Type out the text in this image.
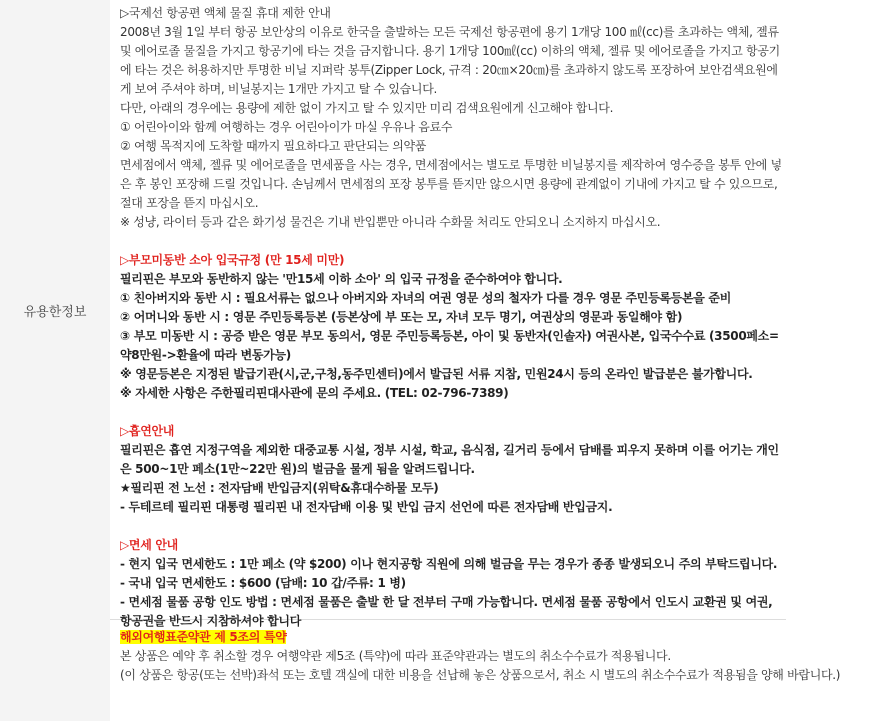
유용한정보
▷국제선 항공편 액체 물질 휴대 제한 안내
2008년 3월 1일 부터 항공 보안상의 이유로 한국을 출발하는 모든 국제선 항공편에 용기 1개당 100 ㎖(cc)를 초과하는 액체, 젤류 및 에어로졸 물질을 가지고 항공기에 타는 것을 금지합니다. 용기 1개당 100㎖(cc) 이하의 액체, 젤류 및 에어로졸을 가지고 항공기에 타는 것은 허용하지만 투명한 비닐 지퍼락 봉투(Zipper Lock, 규격 : 20㎝×20㎝)를 초과하지 않도록 포장하여 보안검색요원에게 보여 주셔야 하며, 비닐봉지는 1개만 가지고 탈 수 있습니다.
다만, 아래의 경우에는 용량에 제한 없이 가지고 탈 수 있지만 미리 검색요원에게 신고해야 합니다.
① 어린아이와 함께 여행하는 경우 어린아이가 마실 우유나 음료수
② 여행 목적지에 도착할 때까지 필요하다고 판단되는 의약품
면세점에서 액체, 젤류 및 에어로졸을 면세품을 사는 경우, 면세점에서는 별도로 투명한 비닐봉지를 제작하여 영수증을 봉투 안에 넣은 후 봉인 포장해 드릴 것입니다. 손님께서 면세점의 포장 봉투를 뜯지만 않으시면 용량에 관계없이 기내에 가지고 탈 수 있으므로, 절대 포장을 뜯지 마십시오.
※ 성냥, 라이터 등과 같은 화기성 물건은 기내 반입뿐만 아니라 수화물 처리도 안되오니 소지하지 마십시오.
▷부모미동반 소아 입국규정 (만 15세 미만)
필리핀은 부모와 동반하지 않는 '만15세 이하 소아' 의 입국 규정을 준수하여야 합니다.
① 친아버지와 동반 시 : 필요서류는 없으나 아버지와 자녀의 여권 영문 성의 철자가 다를 경우 영문 주민등록등본을 준비
② 어머니와 동반 시 : 영문 주민등록등본 (등본상에 부 또는 모, 자녀 모두 명기, 여권상의 영문과 동일해야 함)
③ 부모 미동반 시 : 공증 받은 영문 부모 동의서, 영문 주민등록등본, 아이 및 동반자(인솔자) 여권사본, 입국수수료 (3500페소=약8만원->환율에 따라 변동가능)
※ 영문등본은 지정된 발급기관(시,군,구청,동주민센터)에서 발급된 서류 지참, 민원24시 등의 온라인 발급분은 불가합니다.
※ 자세한 사항은 주한필리핀대사관에 문의 주세요. (TEL: 02-796-7389)
▷흡연안내
필리핀은 흡연 지정구역을 제외한 대중교통 시설, 정부 시설, 학교, 음식점, 길거리 등에서 담배를 피우지 못하며 이를 어기는 개인은 500~1만 페소(1만~22만 원)의 벌금을 물게 됨을 알려드립니다.
★필리핀 전 노선 : 전자담배 반입금지(위탁&휴대수하물 모두)
- 두테르테 필리핀 대통령 필리핀 내 전자담배 이용 및 반입 금지 선언에 따른 전자담배 반입금지.
▷면세 안내
- 현지 입국 면세한도 : 1만 페소 (약 $200) 이나 현지공항 직원에 의해 벌금을 무는 경우가 종종 발생되오니 주의 부탁드립니다.
- 국내 입국 면세한도 : $600 (담배: 10 갑/주류: 1 병)
- 면세점 물품 공항 인도 방법 : 면세점 물품은 출발 한 달 전부터 구매 가능합니다. 면세점 물품 공항에서 인도시 교환권 및 여권, 항공권을 반드시 지참하셔야 합니다
해외여행표준약관 제 5조의 특약
본 상품은 예약 후 취소할 경우 여행약관 제5조 (특약)에 따라 표준약관과는 별도의 취소수수료가 적용됩니다.
(이 상품은 항공(또는 선박)좌석 또는 호텔 객실에 대한 비용을 선납해 놓은 상품으로서, 취소 시 별도의 취소수수료가 적용됨을 양해 바랍니다.)
